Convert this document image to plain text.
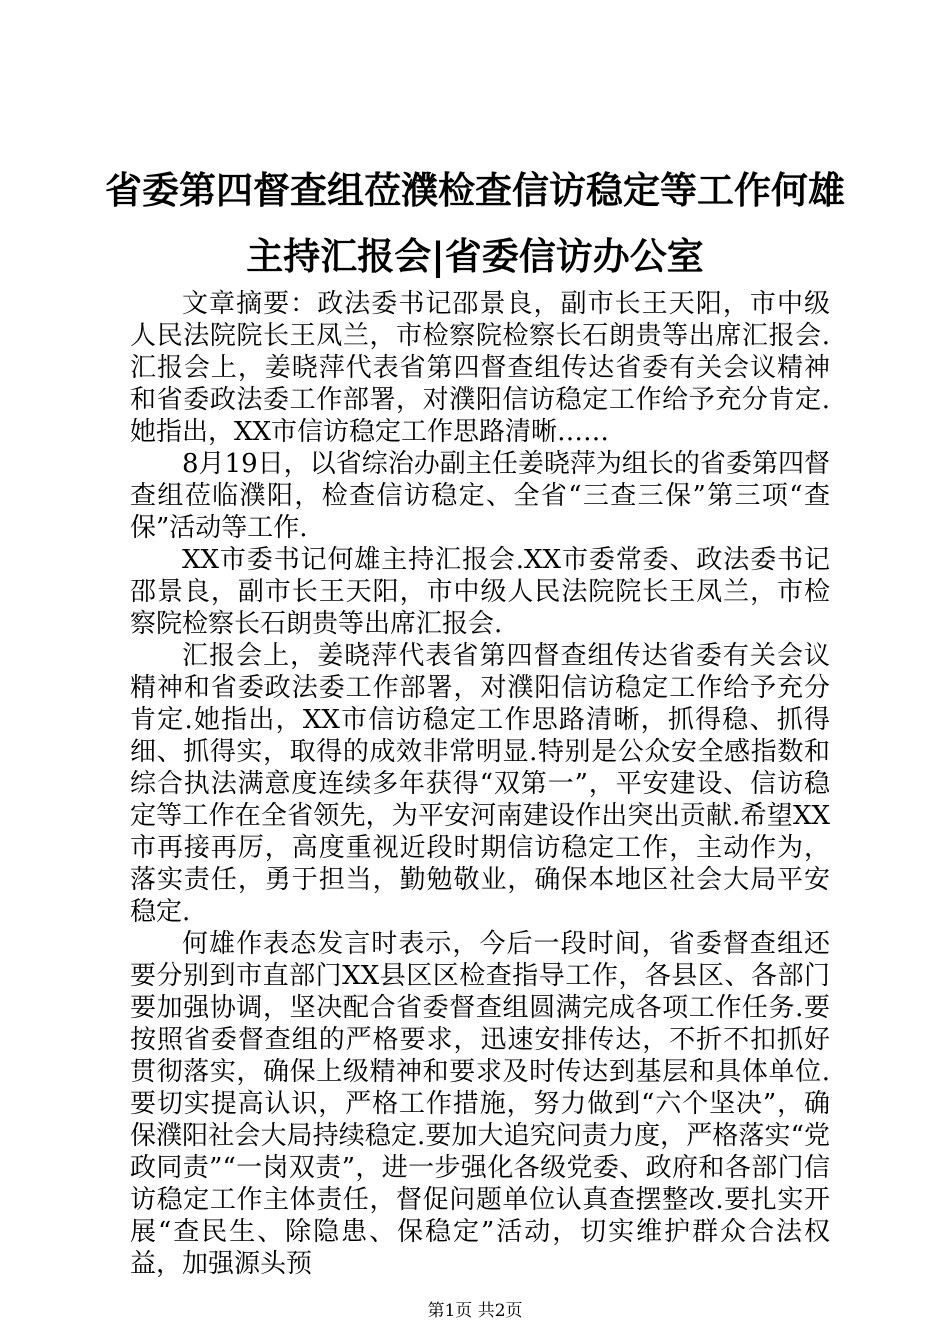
省委第四督查组莅濮检查信访稳定等工作何雄
主持汇报会|省委信访办公室

文章摘要：政法委书记邵景良，副市长王天阳，市中级人民法院院长王凤兰，市检察院检察长石朗贵等出席汇报会.汇报会上，姜晓萍代表省第四督查组传达省委有关会议精神和省委政法委工作部署，对濮阳信访稳定工作给予充分肯定.她指出，XX市信访稳定工作思路清晰……

8月19日，以省综治办副主任姜晓萍为组长的省委第四督查组莅临濮阳，检查信访稳定、全省“三查三保”第三项“查保”活动等工作.

XX市委书记何雄主持汇报会.XX市委常委、政法委书记邵景良，副市长王天阳，市中级人民法院院长王凤兰，市检察院检察长石朗贵等出席汇报会.

汇报会上，姜晓萍代表省第四督查组传达省委有关会议精神和省委政法委工作部署，对濮阳信访稳定工作给予充分肯定.她指出，XX市信访稳定工作思路清晰，抓得稳、抓得细、抓得实，取得的成效非常明显.特别是公众安全感指数和综合执法满意度连续多年获得“双第一”，平安建设、信访稳定等工作在全省领先，为平安河南建设作出突出贡献.希望XX市再接再厉，高度重视近段时期信访稳定工作，主动作为，落实责任，勇于担当，勤勉敬业，确保本地区社会大局平安稳定.

何雄作表态发言时表示，今后一段时间，省委督查组还要分别到市直部门XX县区区检查指导工作，各县区、各部门要加强协调，坚决配合省委督查组圆满完成各项工作任务.要按照省委督查组的严格要求，迅速安排传达，不折不扣抓好贯彻落实，确保上级精神和要求及时传达到基层和具体单位.要切实提高认识，严格工作措施，努力做到“六个坚决”，确保濮阳社会大局持续稳定.要加大追究问责力度，严格落实“党政同责”“一岗双责”，进一步强化各级党委、政府和各部门信访稳定工作主体责任，督促问题单位认真查摆整改.要扎实开展“查民生、除隐患、保稳定”活动，切实维护群众合法权益，加强源头预

第1页 共2页
